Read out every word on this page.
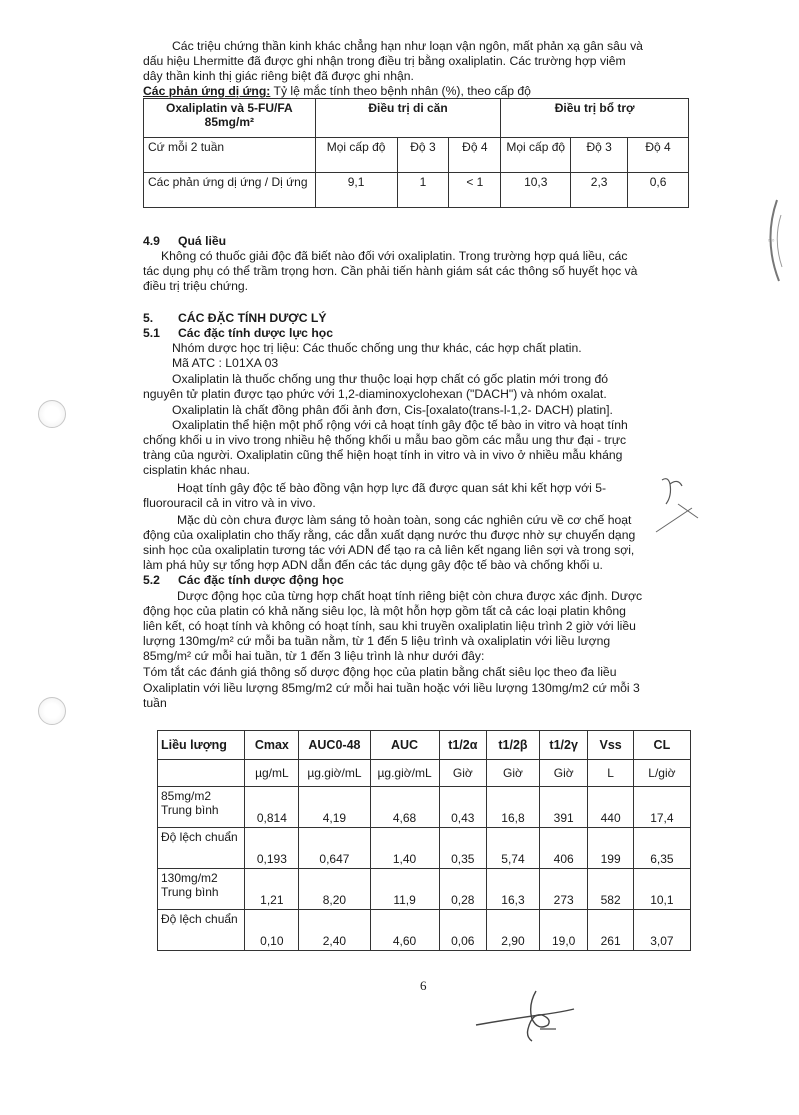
◦◦
Các triệu chứng thần kinh khác chẳng hạn như loạn vận ngôn, mất phản xạ gân sâu và
dấu hiệu Lhermitte đã được ghi nhận trong điều trị bằng oxaliplatin. Các trường hợp viêm
dây thần kinh thị giác riêng biệt đã được ghi nhận.
Các phản ứng dị ứng: Tỷ lệ mắc tính theo bệnh nhân (%), theo cấp độ
Oxaliplatin và 5-FU/FA 85mg/m²	Điều trị di căn			Điều trị bổ trợ		
Cứ mỗi 2 tuần	Mọi cấp độ	Độ 3	Độ 4	Mọi cấp độ	Độ 3	Độ 4
Các phản ứng dị ứng / Dị ứng	9,1	1	< 1	10,3	2,3	0,6
4.9 Quá liều
Không có thuốc giải độc đã biết nào đối với oxaliplatin. Trong trường hợp quá liều, các
tác dụng phụ có thể trầm trọng hơn. Cần phải tiến hành giám sát các thông số huyết học và
điều trị triệu chứng.
5. CÁC ĐẶC TÍNH DƯỢC LÝ
5.1 Các đặc tính dược lực học
Nhóm dược học trị liệu: Các thuốc chống ung thư khác, các hợp chất platin.
Mã ATC : L01XA 03
Oxaliplatin là thuốc chống ung thư thuộc loại hợp chất có gốc platin mới trong đó
nguyên tử platin được tạo phức với 1,2-diaminoxyclohexan ("DACH") và nhóm oxalat.
Oxaliplatin là chất đồng phân đối ảnh đơn, Cis-[oxalato(trans-l-1,2- DACH) platin].
Oxaliplatin thể hiện một phổ rộng với cả hoạt tính gây độc tế bào in vitro và hoạt tính
chống khối u in vivo trong nhiều hệ thống khối u mẫu bao gồm các mẫu ung thư đại - trực
tràng của người. Oxaliplatin cũng thể hiện hoạt tính in vitro và in vivo ở nhiều mẫu kháng
cisplatin khác nhau.
Hoạt tính gây độc tế bào đồng vận hợp lực đã được quan sát khi kết hợp với 5-
fluorouracil cả in vitro và in vivo.
Mặc dù còn chưa được làm sáng tỏ hoàn toàn, song các nghiên cứu về cơ chế hoạt
động của oxaliplatin cho thấy rằng, các dẫn xuất dạng nước thu được nhờ sự chuyển dạng
sinh học của oxaliplatin tương tác với ADN để tạo ra cả liên kết ngang liên sợi và trong sợi,
làm phá hủy sự tổng hợp ADN dẫn đến các tác dụng gây độc tế bào và chống khối u.
5.2 Các đặc tính dược động học
Dược động học của từng hợp chất hoạt tính riêng biệt còn chưa được xác định. Dược
động học của platin có khả năng siêu lọc, là một hỗn hợp gồm tất cả các loại platin không
liên kết, có hoạt tính và không có hoạt tính, sau khi truyền oxaliplatin liệu trình 2 giờ với liều
lượng 130mg/m² cứ mỗi ba tuần nằm, từ 1 đến 5 liệu trình và oxaliplatin với liều lượng
85mg/m² cứ mỗi hai tuần, từ 1 đến 3 liệu trình là như dưới đây:
Tóm tắt các đánh giá thông số dược động học của platin bằng chất siêu lọc theo đa liều
Oxaliplatin với liều lượng 85mg/m2 cứ mỗi hai tuần hoặc với liều lượng 130mg/m2 cứ mỗi 3
tuần
Liều lượng	Cmax	AUC0-48	AUC	t1/2α	t1/2β	t1/2γ	Vss	CL
	µg/mL	µg.giờ/mL	µg.giờ/mL	Giờ	Giờ	Giờ	L	L/giờ
85mg/m2
Trung bình	0,814	4,19	4,68	0,43	16,8	391	440	17,4
Độ lệch chuẩn	0,193	0,647	1,40	0,35	5,74	406	199	6,35
130mg/m2
Trung bình	1,21	8,20	11,9	0,28	16,3	273	582	10,1
Độ lệch chuẩn	0,10	2,40	4,60	0,06	2,90	19,0	261	3,07
6
